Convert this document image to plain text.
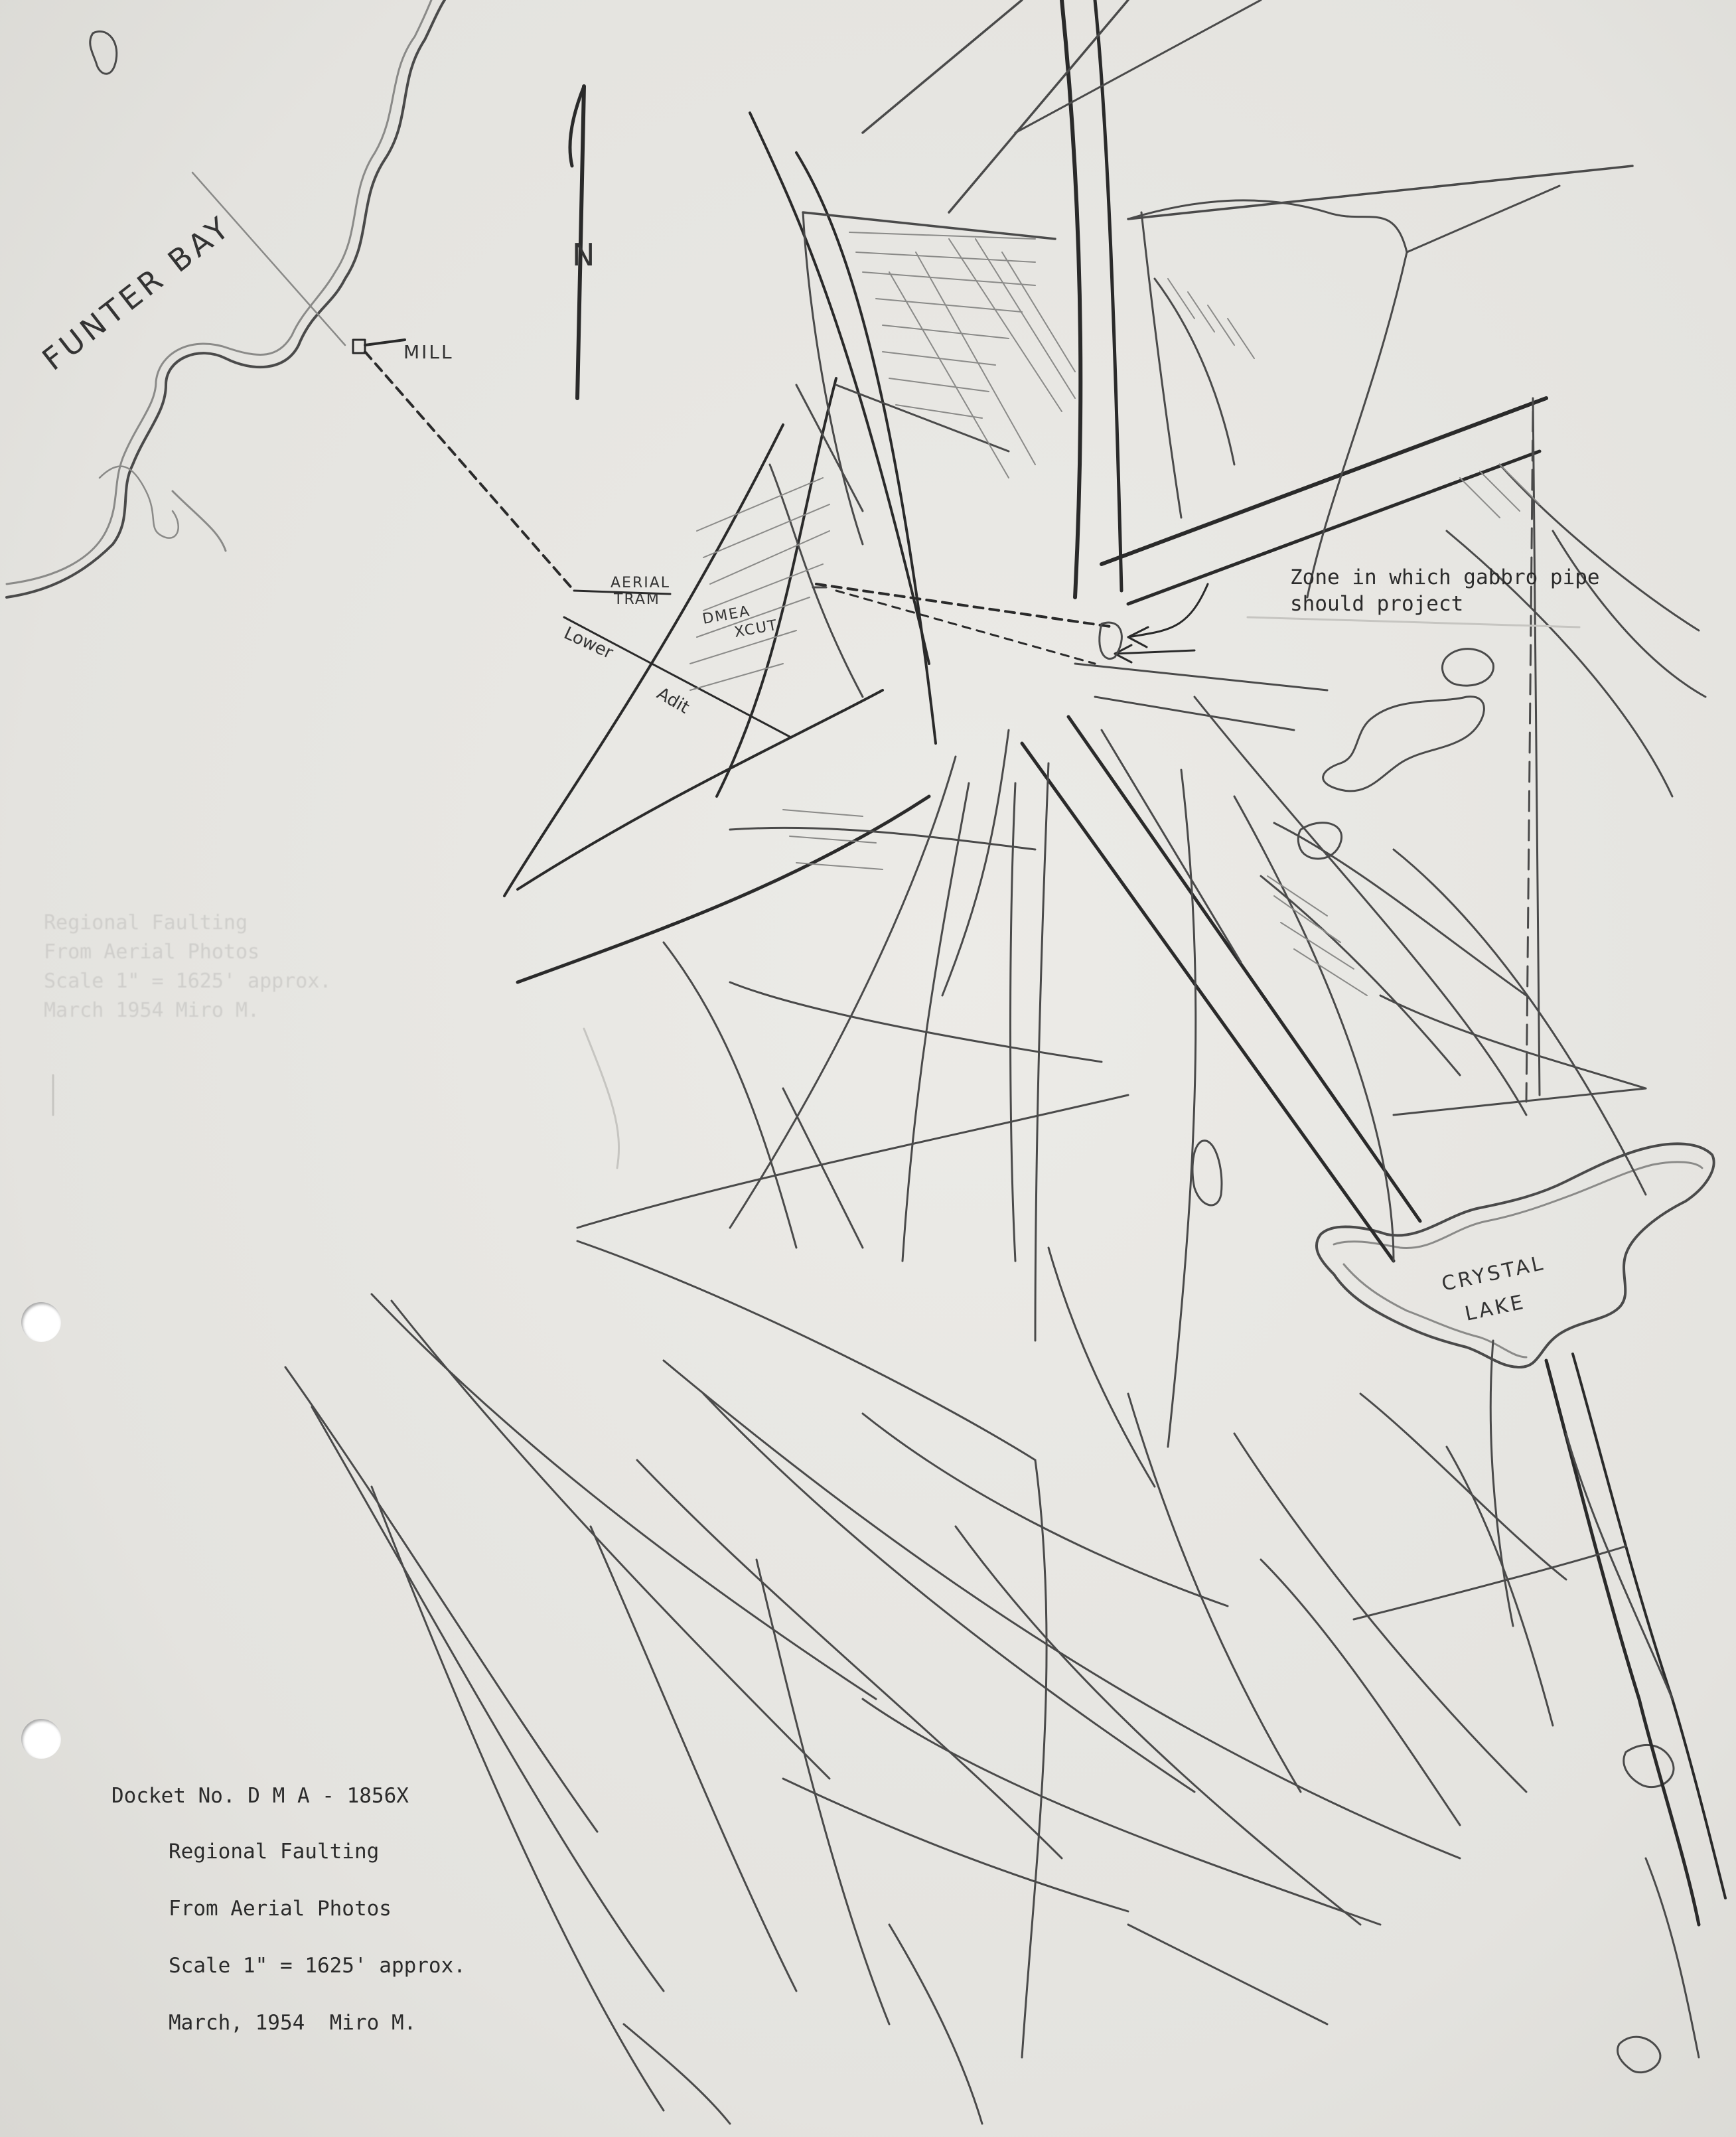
FUNTER BAY	MILL
AERIAL
TRAM
DMEA
XCUT
Lower
Adit
N
CRYSTAL
LAKE
Zone in which gabbro pipe should project
Regional Faulting
From Aerial Photos
Scale 1" = 1625' approx.
March 1954 Miro M.
Docket No. D M A - 1856X
Regional Faulting
From Aerial Photos
Scale 1" = 1625' approx.
March, 1954  Miro M.
